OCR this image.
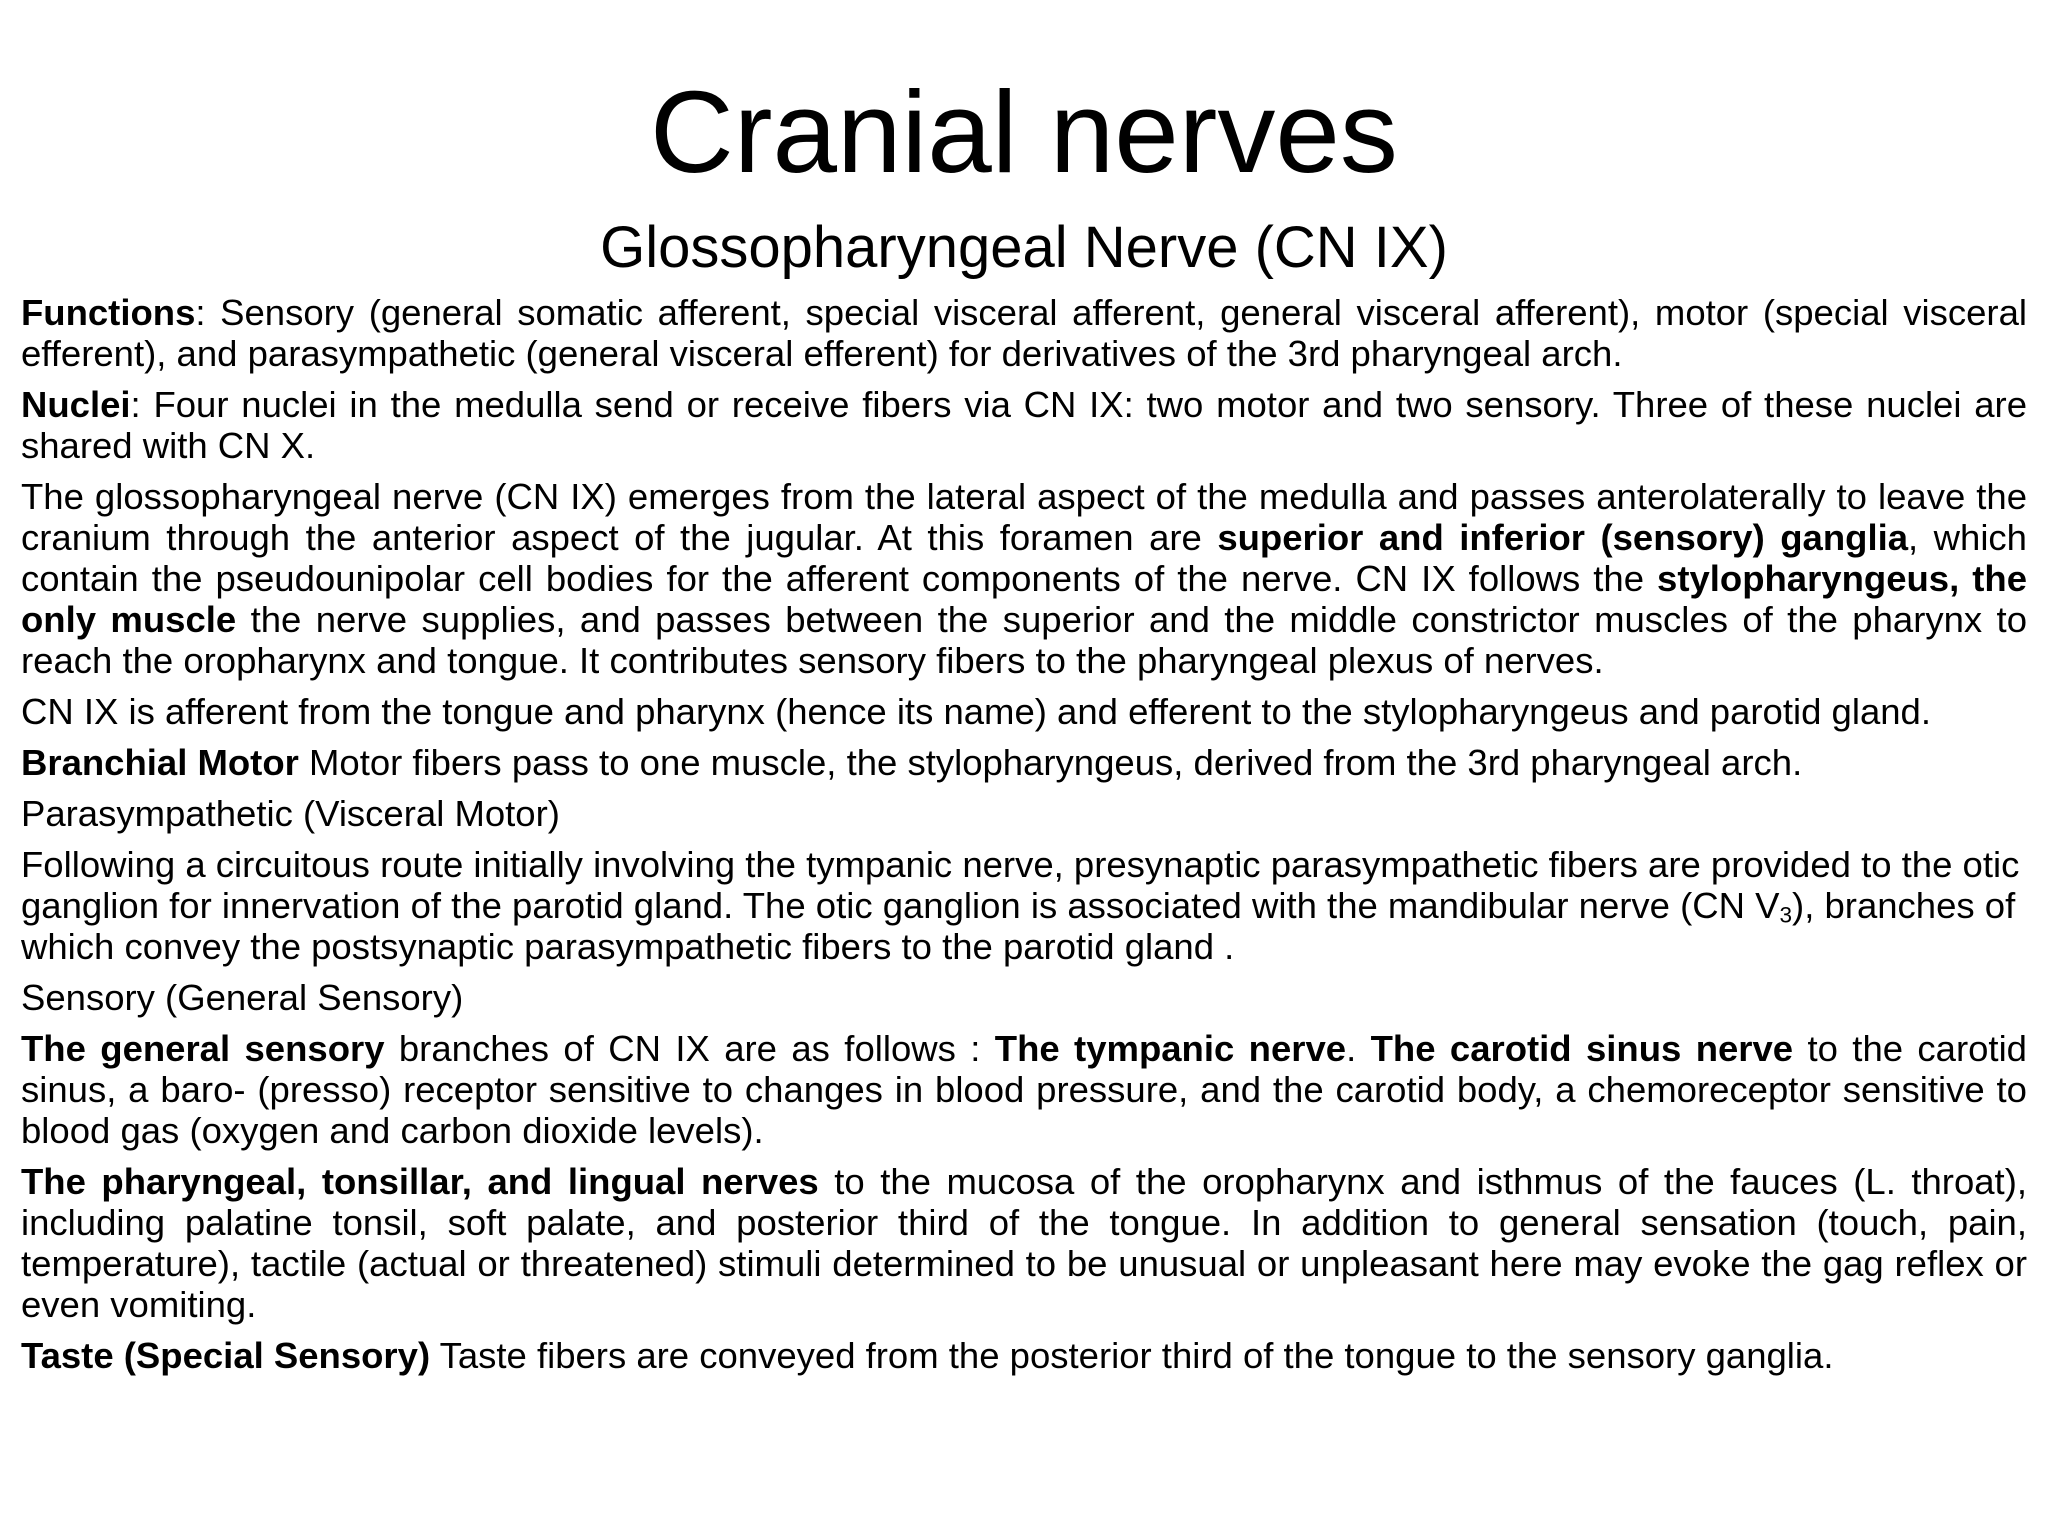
Cranial nerves
Glossopharyngeal Nerve (CN IX)

Functions: Sensory (general somatic afferent, special visceral afferent, general visceral afferent), motor (special visceral efferent), and parasympathetic (general visceral efferent) for derivatives of the 3rd pharyngeal arch.

Nuclei: Four nuclei in the medulla send or receive fibers via CN IX: two motor and two sensory. Three of these nuclei are shared with CN X.

The glossopharyngeal nerve (CN IX) emerges from the lateral aspect of the medulla and passes anterolaterally to leave the cranium through the anterior aspect of the jugular. At this foramen are superior and inferior (sensory) ganglia, which contain the pseudounipolar cell bodies for the afferent components of the nerve. CN IX follows the stylopharyngeus, the only muscle the nerve supplies, and passes between the superior and the middle constrictor muscles of the pharynx to reach the oropharynx and tongue. It contributes sensory fibers to the pharyngeal plexus of nerves.

CN IX is afferent from the tongue and pharynx (hence its name) and efferent to the stylopharyngeus and parotid gland.

Branchial Motor Motor fibers pass to one muscle, the stylopharyngeus, derived from the 3rd pharyngeal arch.

Parasympathetic (Visceral Motor)

Following a circuitous route initially involving the tympanic nerve, presynaptic parasympathetic fibers are provided to the otic ganglion for innervation of the parotid gland. The otic ganglion is associated with the mandibular nerve (CN $V_3$), branches of which convey the postsynaptic parasympathetic fibers to the parotid gland .

Sensory (General Sensory)

The general sensory branches of CN IX are as follows : The tympanic nerve. The carotid sinus nerve to the carotid sinus, a baro- (presso) receptor sensitive to changes in blood pressure, and the carotid body, a chemoreceptor sensitive to blood gas (oxygen and carbon dioxide levels).

The pharyngeal, tonsillar, and lingual nerves to the mucosa of the oropharynx and isthmus of the fauces (L. throat), including palatine tonsil, soft palate, and posterior third of the tongue. In addition to general sensation (touch, pain, temperature), tactile (actual or threatened) stimuli determined to be unusual or unpleasant here may evoke the gag reflex or even vomiting.

Taste (Special Sensory) Taste fibers are conveyed from the posterior third of the tongue to the sensory ganglia.
